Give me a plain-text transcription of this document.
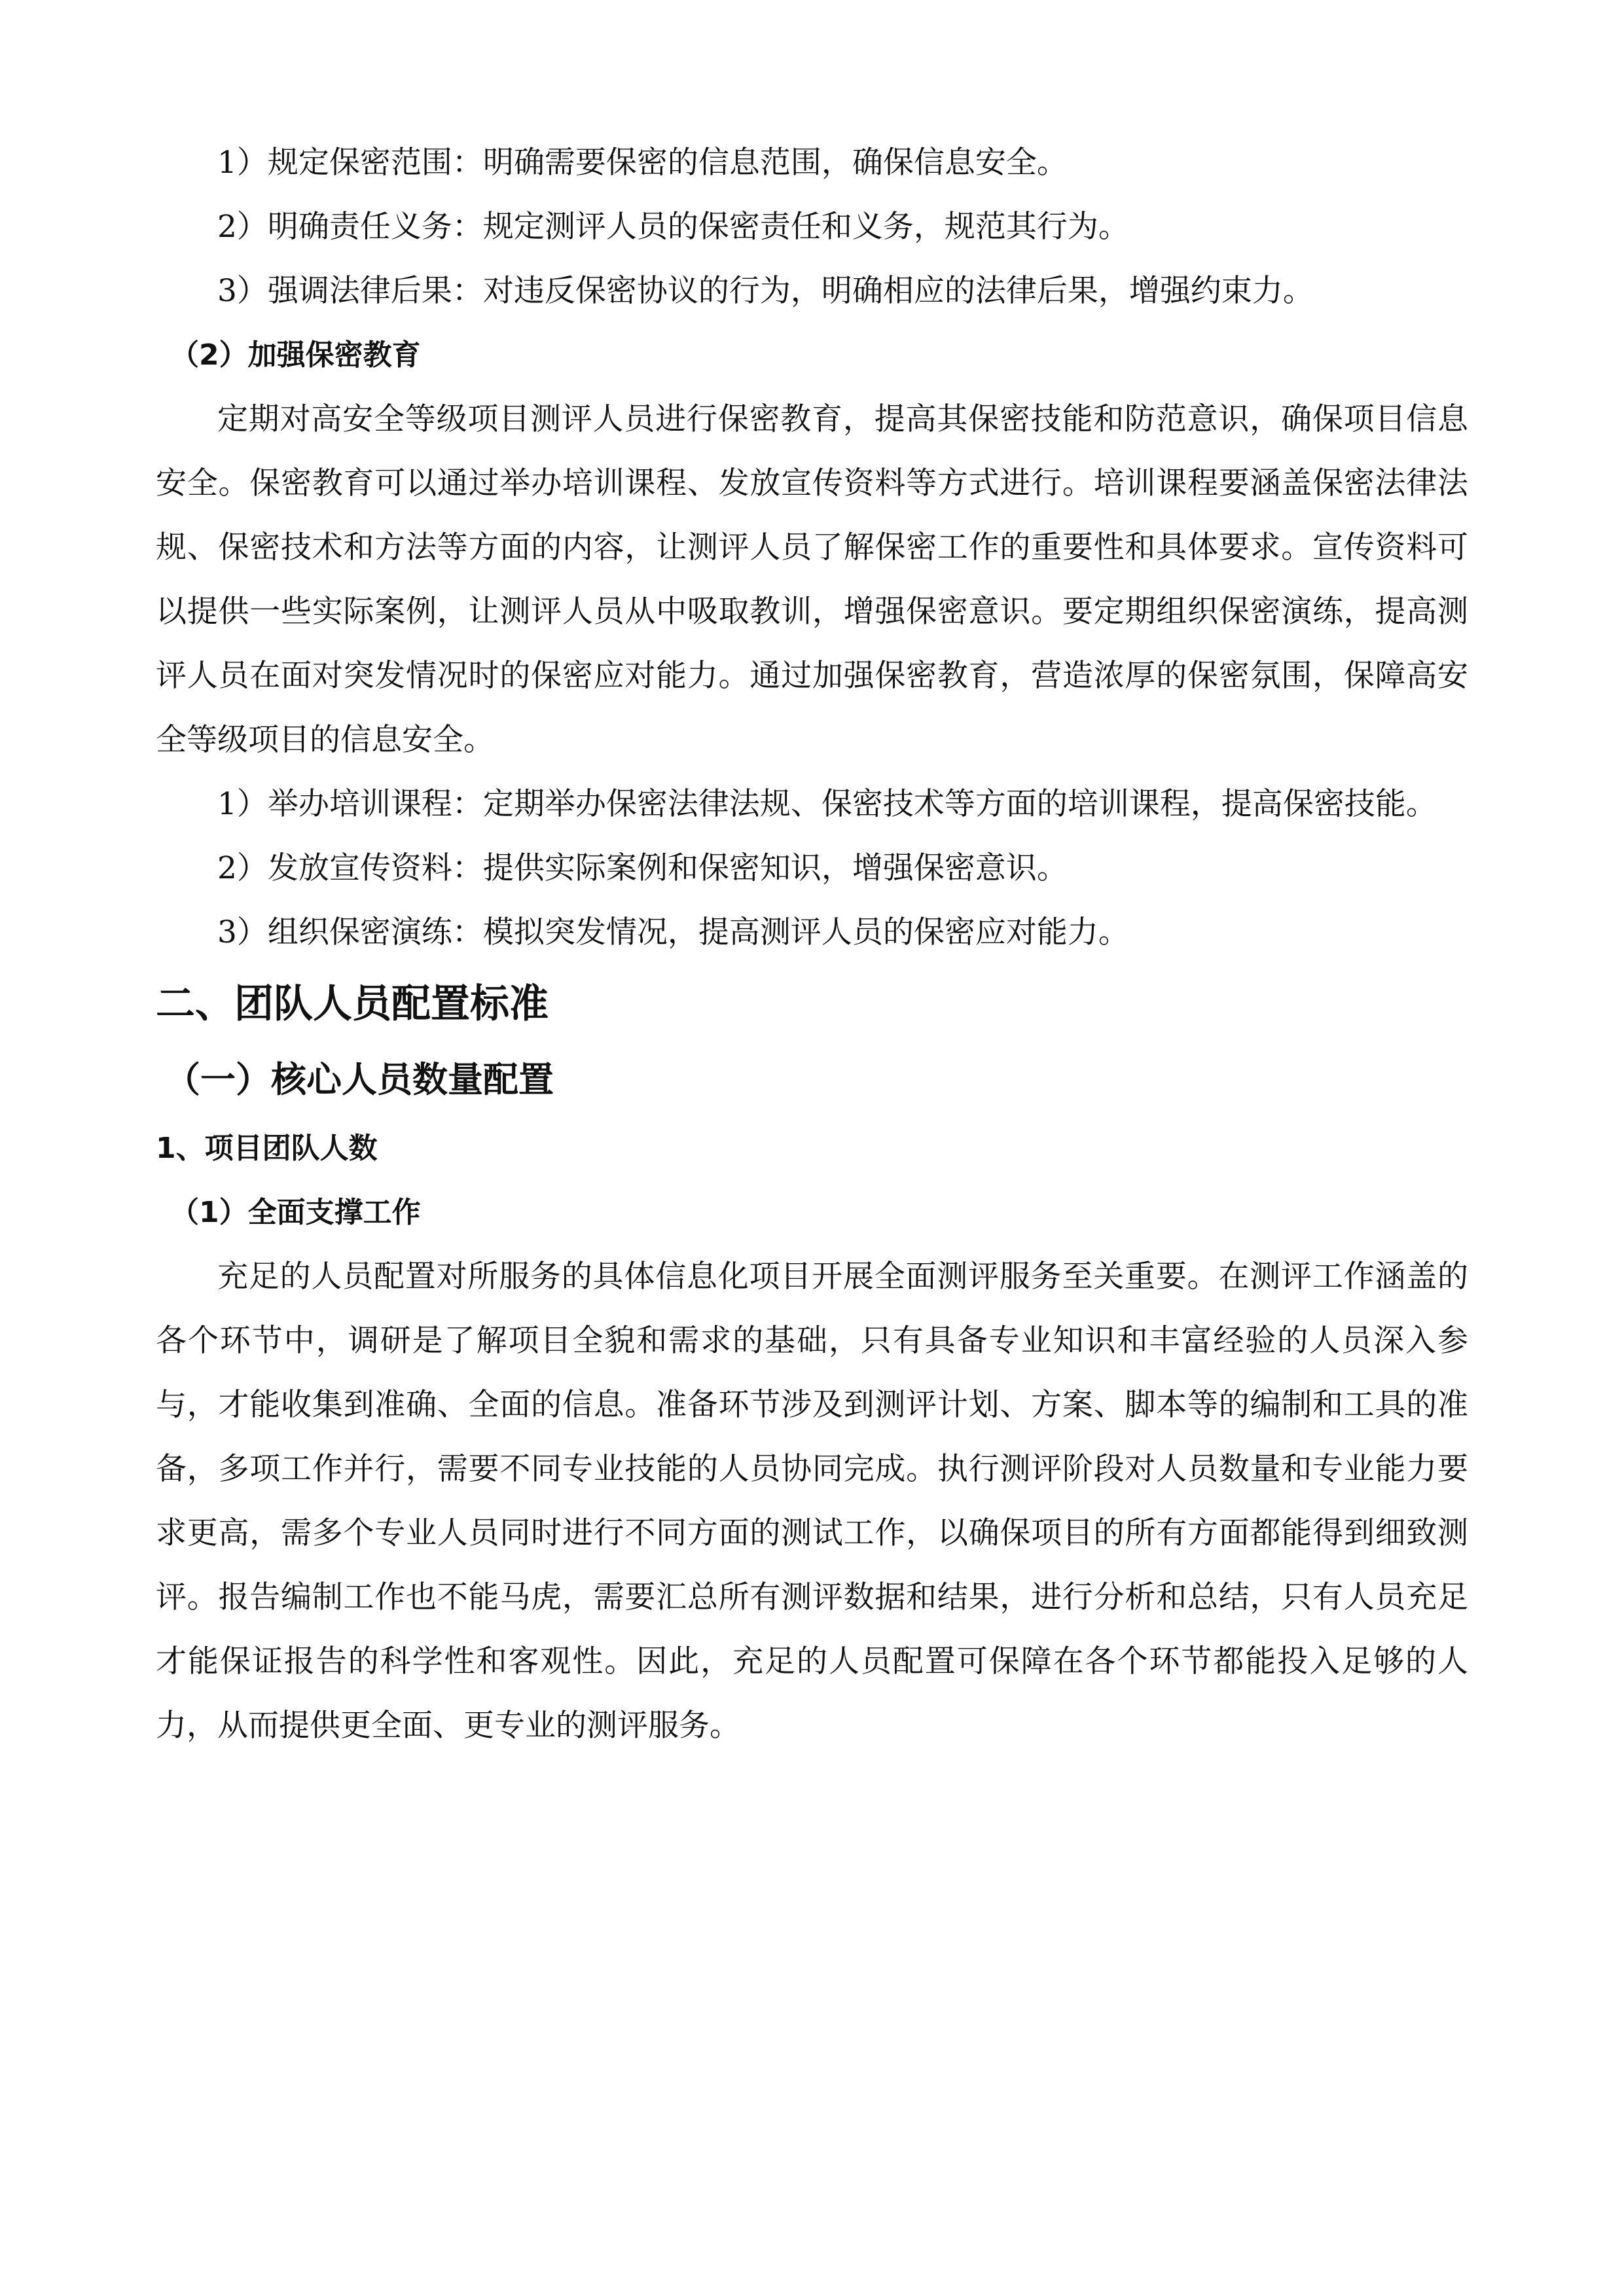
1）规定保密范围：明确需要保密的信息范围，确保信息安全。

2）明确责任义务：规定测评人员的保密责任和义务，规范其行为。

3）强调法律后果：对违反保密协议的行为，明确相应的法律后果，增强约束力。

（2）加强保密教育

定期对高安全等级项目测评人员进行保密教育，提高其保密技能和防范意识，确保项目信息安全。保密教育可以通过举办培训课程、发放宣传资料等方式进行。培训课程要涵盖保密法律法规、保密技术和方法等方面的内容，让测评人员了解保密工作的重要性和具体要求。宣传资料可以提供一些实际案例，让测评人员从中吸取教训，增强保密意识。要定期组织保密演练，提高测评人员在面对突发情况时的保密应对能力。通过加强保密教育，营造浓厚的保密氛围，保障高安全等级项目的信息安全。

1）举办培训课程：定期举办保密法律法规、保密技术等方面的培训课程，提高保密技能。

2）发放宣传资料：提供实际案例和保密知识，增强保密意识。

3）组织保密演练：模拟突发情况，提高测评人员的保密应对能力。

二、团队人员配置标准

（一）核心人员数量配置

1、项目团队人数

（1）全面支撑工作

充足的人员配置对所服务的具体信息化项目开展全面测评服务至关重要。在测评工作涵盖的各个环节中，调研是了解项目全貌和需求的基础，只有具备专业知识和丰富经验的人员深入参与，才能收集到准确、全面的信息。准备环节涉及到测评计划、方案、脚本等的编制和工具的准备，多项工作并行，需要不同专业技能的人员协同完成。执行测评阶段对人员数量和专业能力要求更高，需多个专业人员同时进行不同方面的测试工作，以确保项目的所有方面都能得到细致测评。报告编制工作也不能马虎，需要汇总所有测评数据和结果，进行分析和总结，只有人员充足才能保证报告的科学性和客观性。因此，充足的人员配置可保障在各个环节都能投入足够的人力，从而提供更全面、更专业的测评服务。
